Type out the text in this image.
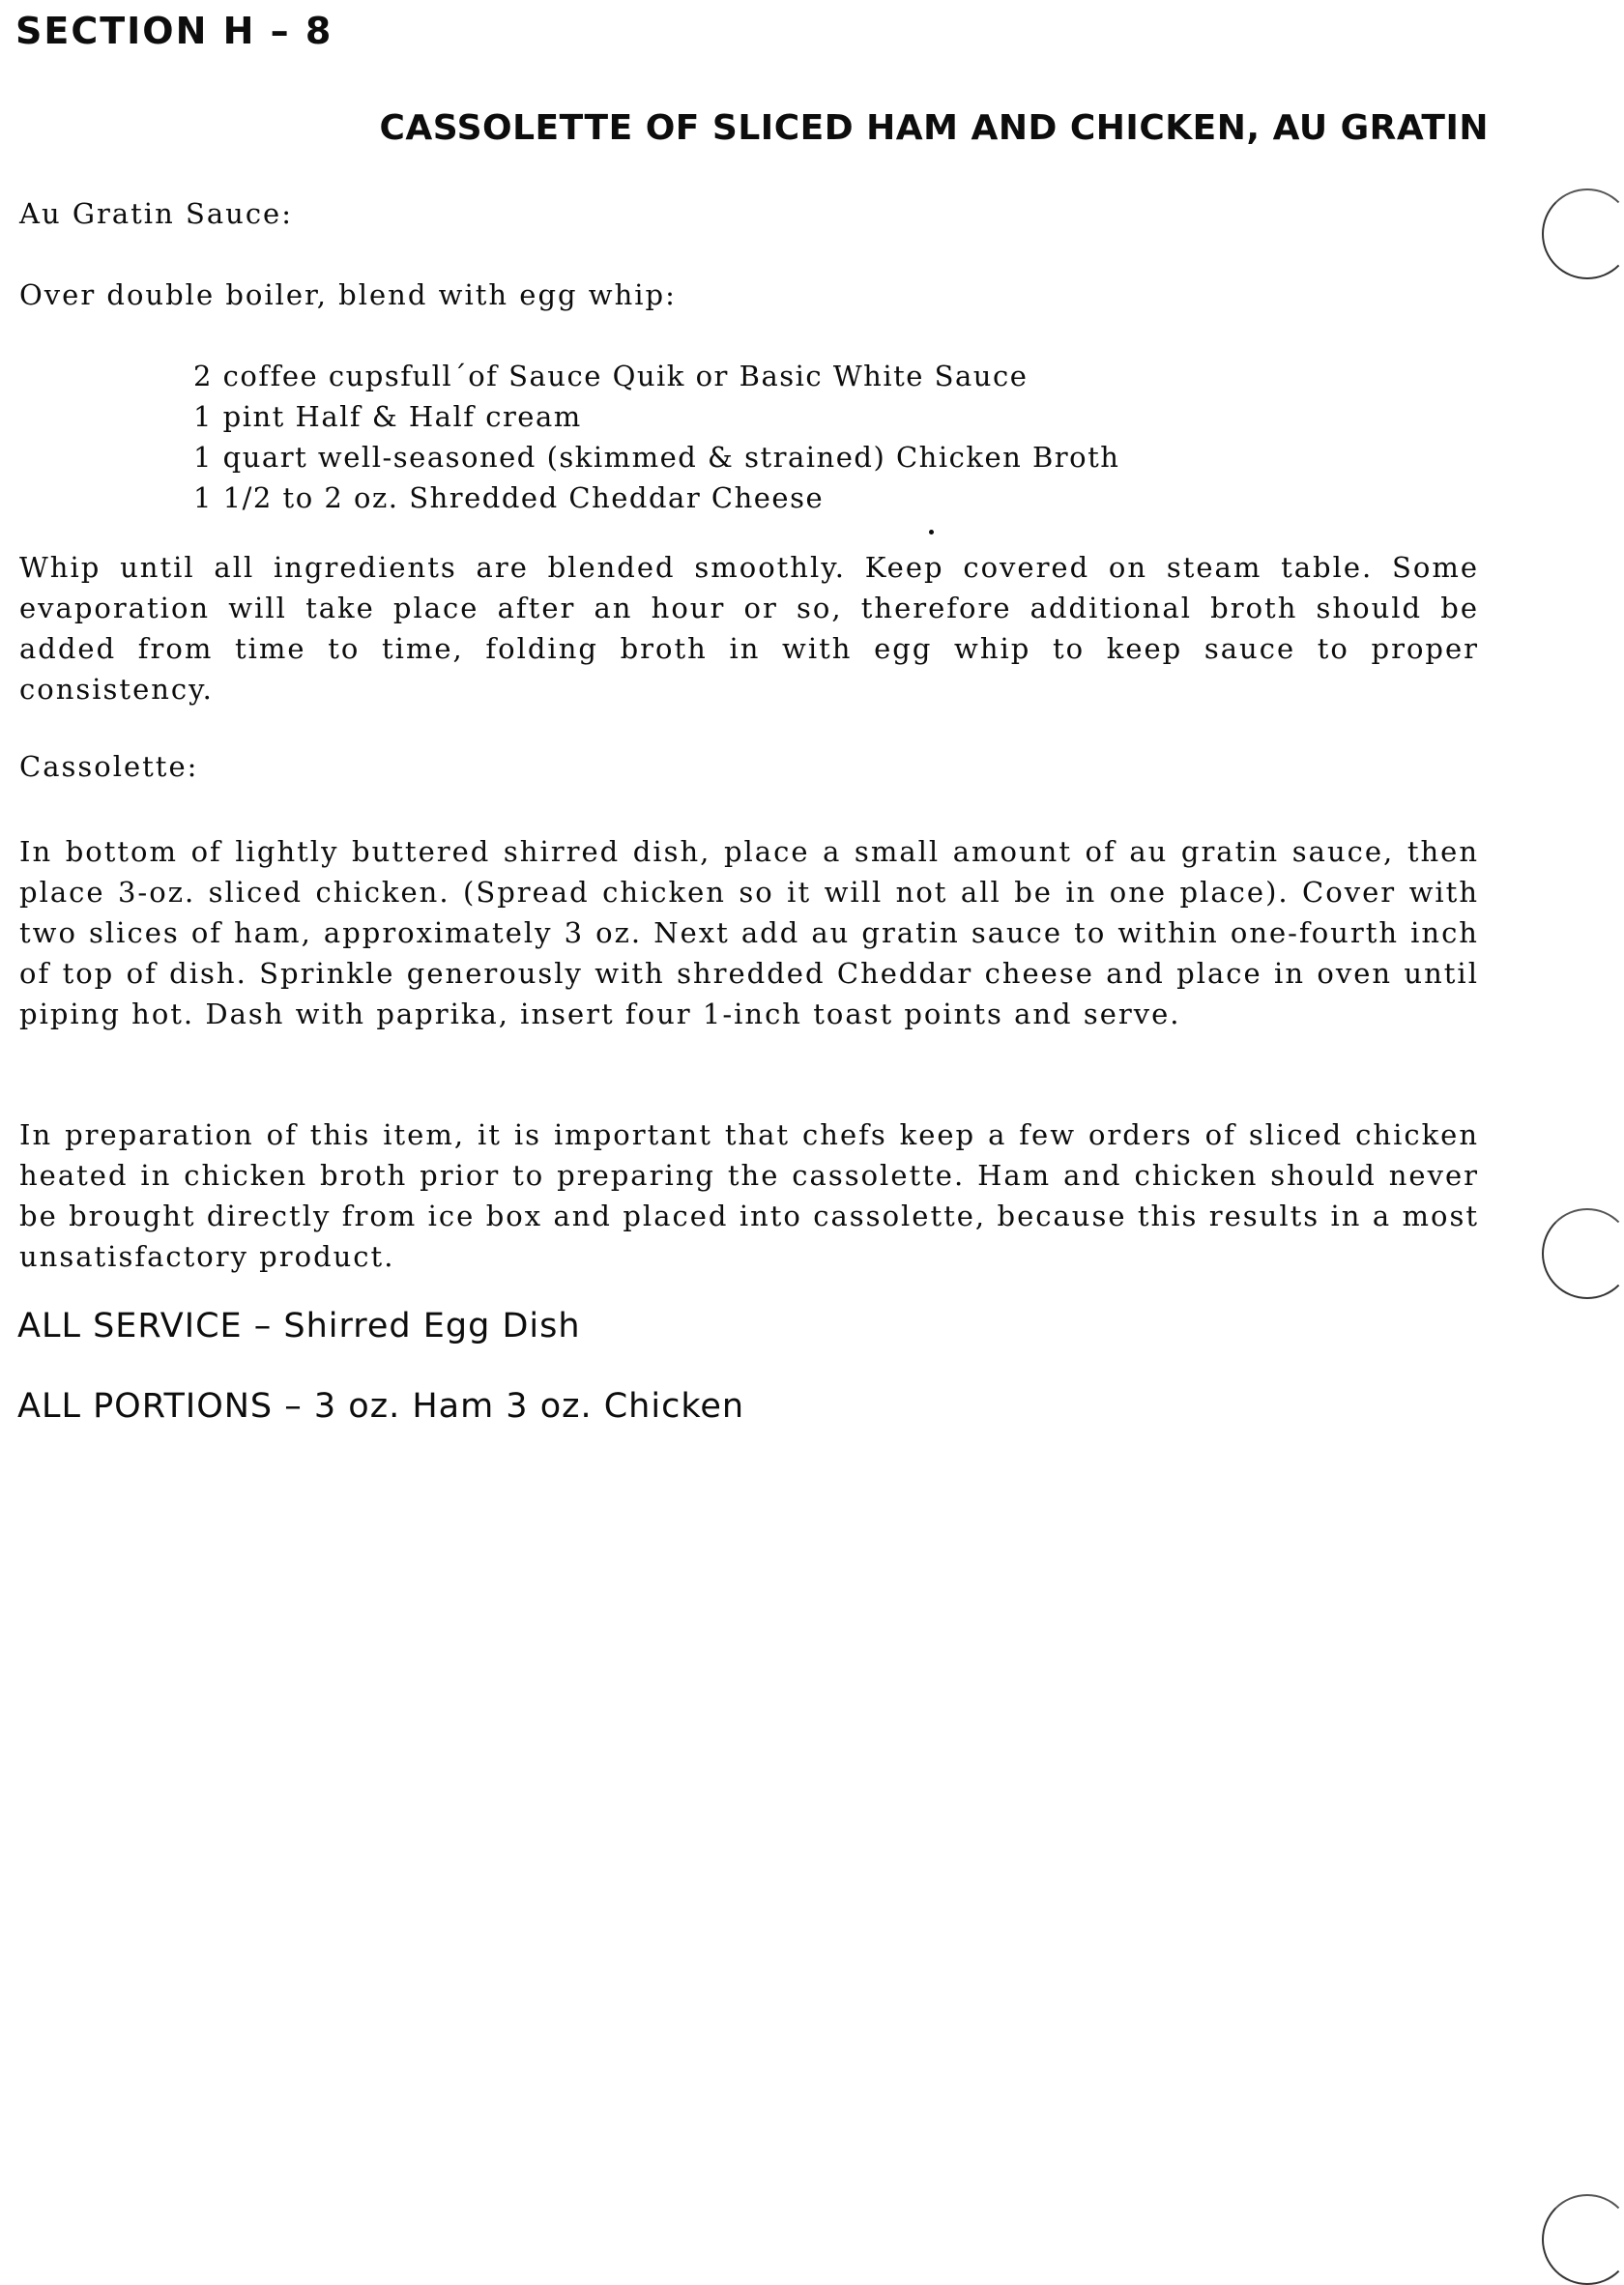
SECTION H – 8
CASSOLETTE OF SLICED HAM AND CHICKEN, AU GRATIN
Au Gratin Sauce:
Over double boiler, blend with egg whip:
2 coffee cupsfull´of Sauce Quik or Basic White Sauce
1 pint Half & Half cream
1 quart well-seasoned (skimmed & strained) Chicken Broth
1 1/2 to 2 oz. Shredded Cheddar Cheese

Whip until all ingredients are blended smoothly. Keep covered on steam table. Some evaporation will take place after an hour or so, therefore additional broth should be added from time to time, folding broth in with egg whip to keep sauce to proper consistency.

Cassolette:

In bottom of lightly buttered shirred dish, place a small amount of au gratin sauce, then place 3-oz. sliced chicken. (Spread chicken so it will not all be in one place). Cover with two slices of ham, approximately 3 oz. Next add au gratin sauce to within one-fourth inch of top of dish. Sprinkle generously with shredded Cheddar cheese and place in oven until piping hot. Dash with paprika, insert four 1-inch toast points and serve.

In preparation of this item, it is important that chefs keep a few orders of sliced chicken heated in chicken broth prior to preparing the cassolette. Ham and chicken should never be brought directly from ice box and placed into cassolette, because this results in a most unsatisfactory product.

ALL SERVICE – Shirred Egg Dish
ALL PORTIONS – 3 oz. Ham 3 oz. Chicken
